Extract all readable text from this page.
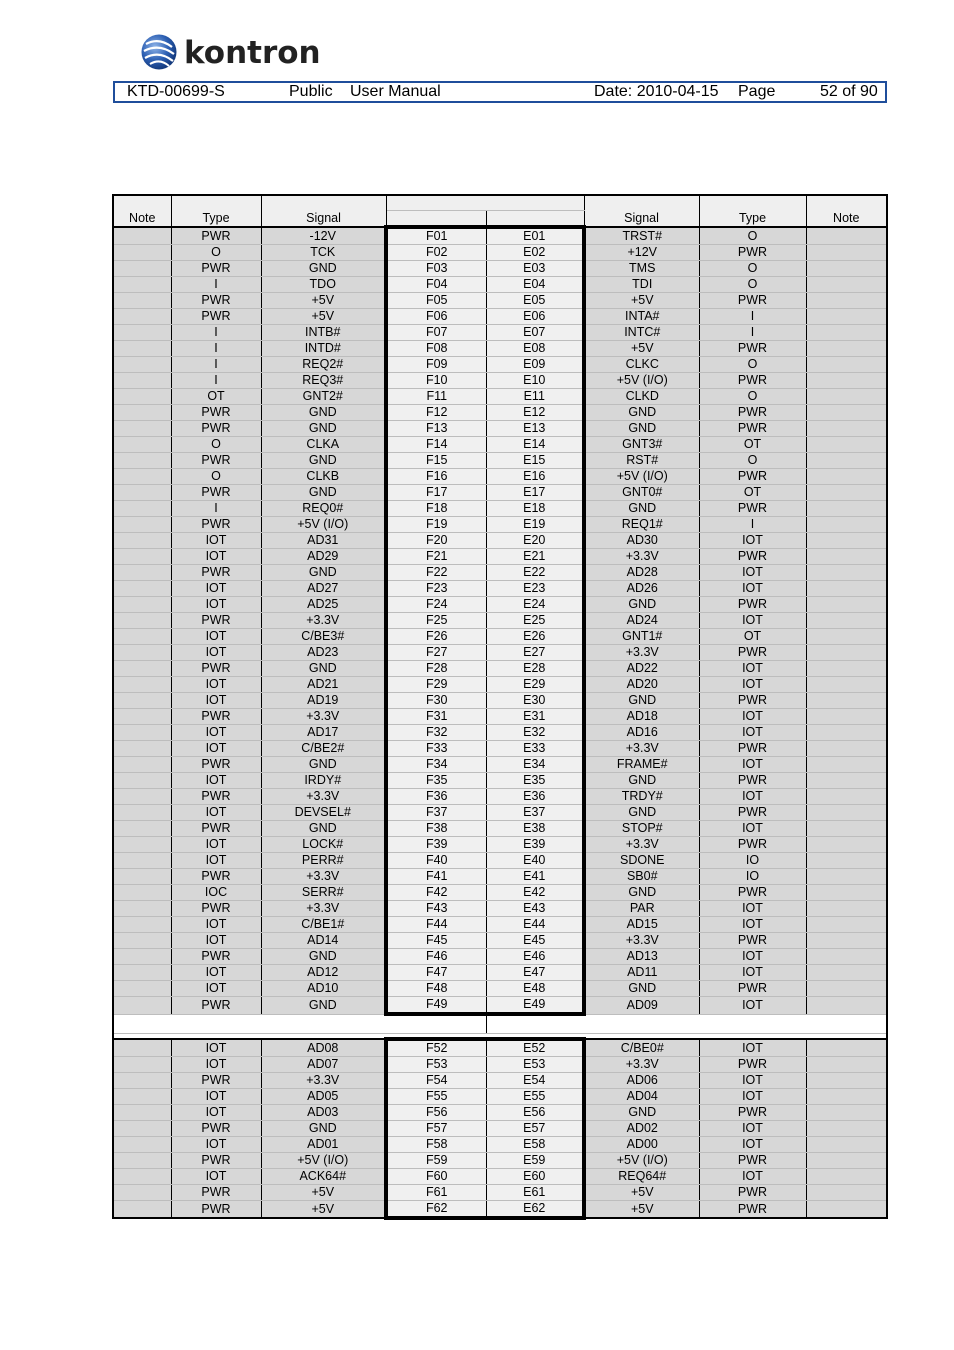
kontron
KTD-00699-S	Public User Manual	Date: 2010-04-15 Page	52 of 90
Note	Type	Signal			Signal	Type	Note

	PWR	-12V	F01	E01	TRST#	O	
	O	TCK	F02	E02	+12V	PWR	
	PWR	GND	F03	E03	TMS	O	
	I	TDO	F04	E04	TDI	O	
	PWR	+5V	F05	E05	+5V	PWR	
	PWR	+5V	F06	E06	INTA#	I	
	I	INTB#	F07	E07	INTC#	I	
	I	INTD#	F08	E08	+5V	PWR	
	I	REQ2#	F09	E09	CLKC	O	
	I	REQ3#	F10	E10	+5V (I/O)	PWR	
	OT	GNT2#	F11	E11	CLKD	O	
	PWR	GND	F12	E12	GND	PWR	
	PWR	GND	F13	E13	GND	PWR	
	O	CLKA	F14	E14	GNT3#	OT	
	PWR	GND	F15	E15	RST#	O	
	O	CLKB	F16	E16	+5V (I/O)	PWR	
	PWR	GND	F17	E17	GNT0#	OT	
	I	REQ0#	F18	E18	GND	PWR	
	PWR	+5V (I/O)	F19	E19	REQ1#	I	
	IOT	AD31	F20	E20	AD30	IOT	
	IOT	AD29	F21	E21	+3.3V	PWR	
	PWR	GND	F22	E22	AD28	IOT	
	IOT	AD27	F23	E23	AD26	IOT	
	IOT	AD25	F24	E24	GND	PWR	
	PWR	+3.3V	F25	E25	AD24	IOT	
	IOT	C/BE3#	F26	E26	GNT1#	OT	
	IOT	AD23	F27	E27	+3.3V	PWR	
	PWR	GND	F28	E28	AD22	IOT	
	IOT	AD21	F29	E29	AD20	IOT	
	IOT	AD19	F30	E30	GND	PWR	
	PWR	+3.3V	F31	E31	AD18	IOT	
	IOT	AD17	F32	E32	AD16	IOT	
	IOT	C/BE2#	F33	E33	+3.3V	PWR	
	PWR	GND	F34	E34	FRAME#	IOT	
	IOT	IRDY#	F35	E35	GND	PWR	
	PWR	+3.3V	F36	E36	TRDY#	IOT	
	IOT	DEVSEL#	F37	E37	GND	PWR	
	PWR	GND	F38	E38	STOP#	IOT	
	IOT	LOCK#	F39	E39	+3.3V	PWR	
	IOT	PERR#	F40	E40	SDONE	IO	
	PWR	+3.3V	F41	E41	SB0#	IO	
	IOC	SERR#	F42	E42	GND	PWR	
	PWR	+3.3V	F43	E43	PAR	IOT	
	IOT	C/BE1#	F44	E44	AD15	IOT	
	IOT	AD14	F45	E45	+3.3V	PWR	
	PWR	GND	F46	E46	AD13	IOT	
	IOT	AD12	F47	E47	AD11	IOT	
	IOT	AD10	F48	E48	GND	PWR	
	PWR	GND	F49	E49	AD09	IOT	

	IOT	AD08	F52	E52	C/BE0#	IOT	
	IOT	AD07	F53	E53	+3.3V	PWR	
	PWR	+3.3V	F54	E54	AD06	IOT	
	IOT	AD05	F55	E55	AD04	IOT	
	IOT	AD03	F56	E56	GND	PWR	
	PWR	GND	F57	E57	AD02	IOT	
	IOT	AD01	F58	E58	AD00	IOT	
	PWR	+5V (I/O)	F59	E59	+5V (I/O)	PWR	
	IOT	ACK64#	F60	E60	REQ64#	IOT	
	PWR	+5V	F61	E61	+5V	PWR	
	PWR	+5V	F62	E62	+5V	PWR	
